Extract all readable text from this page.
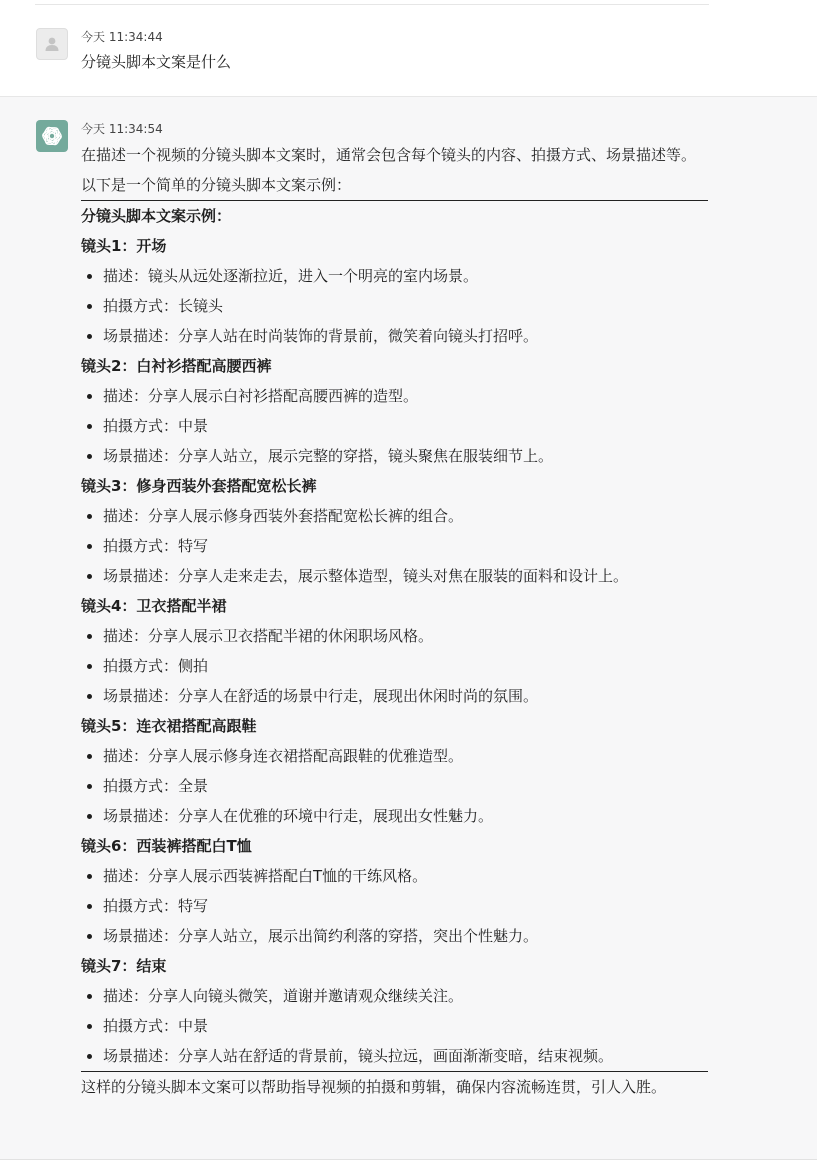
今天 11:34:44
分镜头脚本文案是什么
今天 11:34:54
在描述一个视频的分镜头脚本文案时，通常会包含每个镜头的内容、拍摄方式、场景描述等。以下是一个简单的分镜头脚本文案示例：
分镜头脚本文案示例：
镜头1：开场
描述：镜头从远处逐渐拉近，进入一个明亮的室内场景。
拍摄方式：长镜头
场景描述：分享人站在时尚装饰的背景前，微笑着向镜头打招呼。
镜头2：白衬衫搭配高腰西裤
描述：分享人展示白衬衫搭配高腰西裤的造型。
拍摄方式：中景
场景描述：分享人站立，展示完整的穿搭，镜头聚焦在服装细节上。
镜头3：修身西装外套搭配宽松长裤
描述：分享人展示修身西装外套搭配宽松长裤的组合。
拍摄方式：特写
场景描述：分享人走来走去，展示整体造型，镜头对焦在服装的面料和设计上。
镜头4：卫衣搭配半裙
描述：分享人展示卫衣搭配半裙的休闲职场风格。
拍摄方式：侧拍
场景描述：分享人在舒适的场景中行走，展现出休闲时尚的氛围。
镜头5：连衣裙搭配高跟鞋
描述：分享人展示修身连衣裙搭配高跟鞋的优雅造型。
拍摄方式：全景
场景描述：分享人在优雅的环境中行走，展现出女性魅力。
镜头6：西装裤搭配白T恤
描述：分享人展示西装裤搭配白T恤的干练风格。
拍摄方式：特写
场景描述：分享人站立，展示出简约利落的穿搭，突出个性魅力。
镜头7：结束
描述：分享人向镜头微笑，道谢并邀请观众继续关注。
拍摄方式：中景
场景描述：分享人站在舒适的背景前，镜头拉远，画面渐渐变暗，结束视频。
这样的分镜头脚本文案可以帮助指导视频的拍摄和剪辑，确保内容流畅连贯，引人入胜。
